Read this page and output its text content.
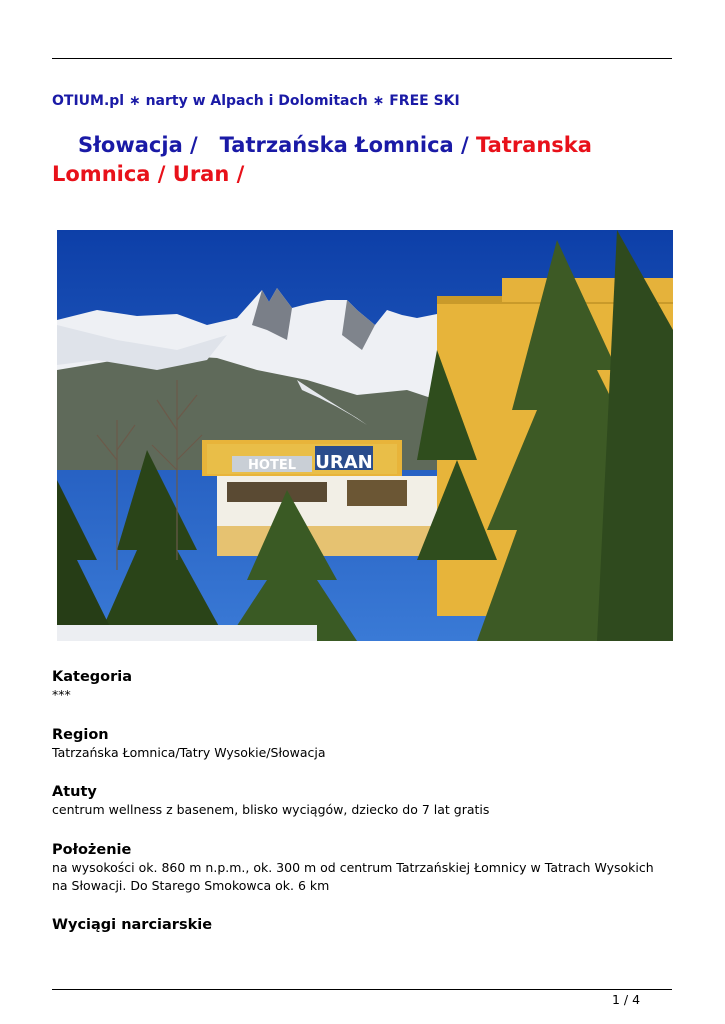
OTIUM.pl ∗ narty w Alpach i Dolomitach ∗ FREE SKI
Słowacja / Tatrzańska Łomnica / Tatranska Lomnica / Uran /
HOTEL URAN
Kategoria

***

Region

Tatrzańska Łomnica/Tatry Wysokie/Słowacja

Atuty

centrum wellness z basenem, blisko wyciągów, dziecko do 7 lat gratis

Położenie

na wysokości ok. 860 m n.p.m., ok. 300 m od centrum Tatrzańskiej Łomnicy w Tatrach Wysokich na Słowacji. Do Starego Smokowca ok. 6 km

Wyciągi narciarskie

1 / 4
